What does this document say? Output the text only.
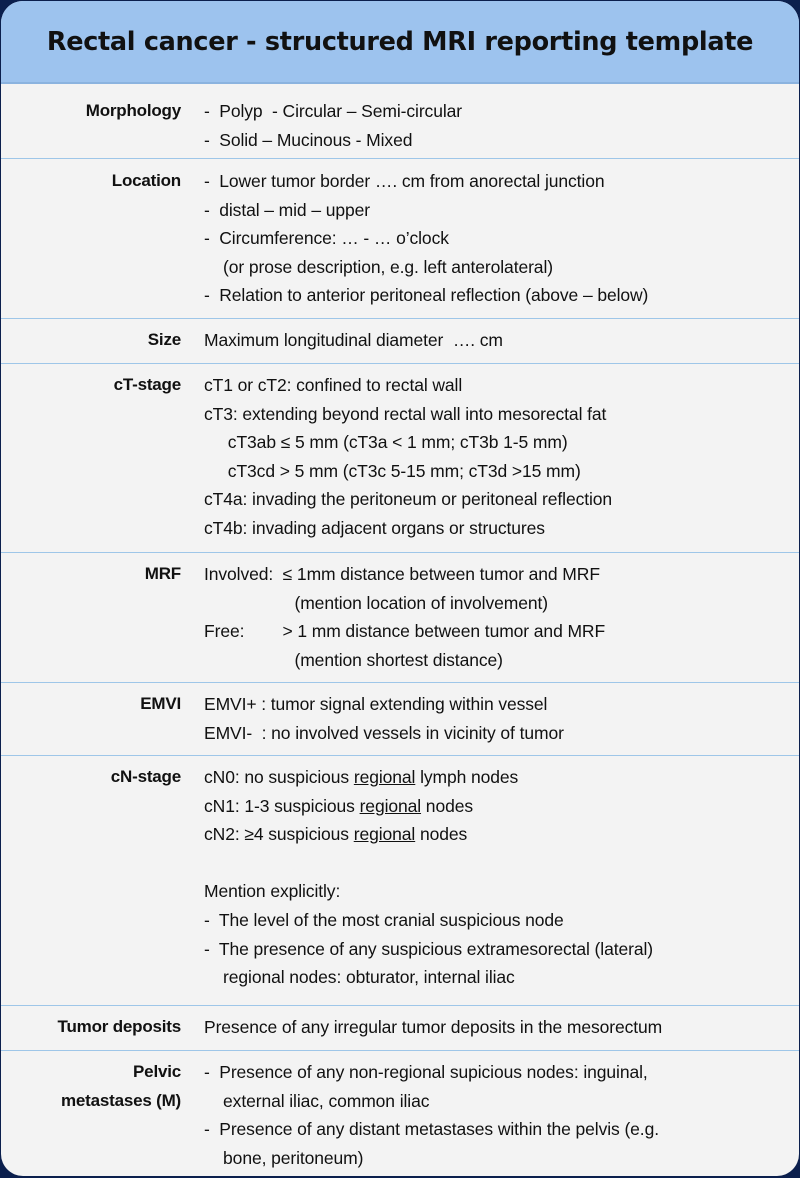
Rectal cancer - structured MRI reporting template
Morphology -  Polyp  - Circular – Semi-circular
-  Solid – Mucinous - Mixed
Location -  Lower tumor border …. cm from anorectal junction
-  distal – mid – upper
-  Circumference: … - … o’clock
(or prose description, e.g. left anterolateral)
-  Relation to anterior peritoneal reflection (above – below)
Size Maximum longitudinal diameter  …. cm
cT-stage cT1 or cT2: confined to rectal wall
cT3: extending beyond rectal wall into mesorectal fat
cT3ab ≤ 5 mm (cT3a < 1 mm; cT3b 1-5 mm)
cT3cd > 5 mm (cT3c 5-15 mm; cT3d >15 mm)
cT4a: invading the peritoneum or peritoneal reflection
cT4b: invading adjacent organs or structures
MRF Involved:  ≤ 1mm distance between tumor and MRF
(mention location of involvement)
Free:        > 1 mm distance between tumor and MRF
(mention shortest distance)
EMVI EMVI+ : tumor signal extending within vessel
EMVI-  : no involved vessels in vicinity of tumor
cN-stage cN0: no suspicious regional lymph nodes
cN1: 1-3 suspicious regional nodes
cN2: ≥4 suspicious regional nodes
Mention explicitly:
-  The level of the most cranial suspicious node
-  The presence of any suspicious extramesorectal (lateral)
regional nodes: obturator, internal iliac
Tumor deposits Presence of any irregular tumor deposits in the mesorectum
Pelvic
metastases (M)
-  Presence of any non-regional supicious nodes: inguinal,
external iliac, common iliac
-  Presence of any distant metastases within the pelvis (e.g.
bone, peritoneum)
